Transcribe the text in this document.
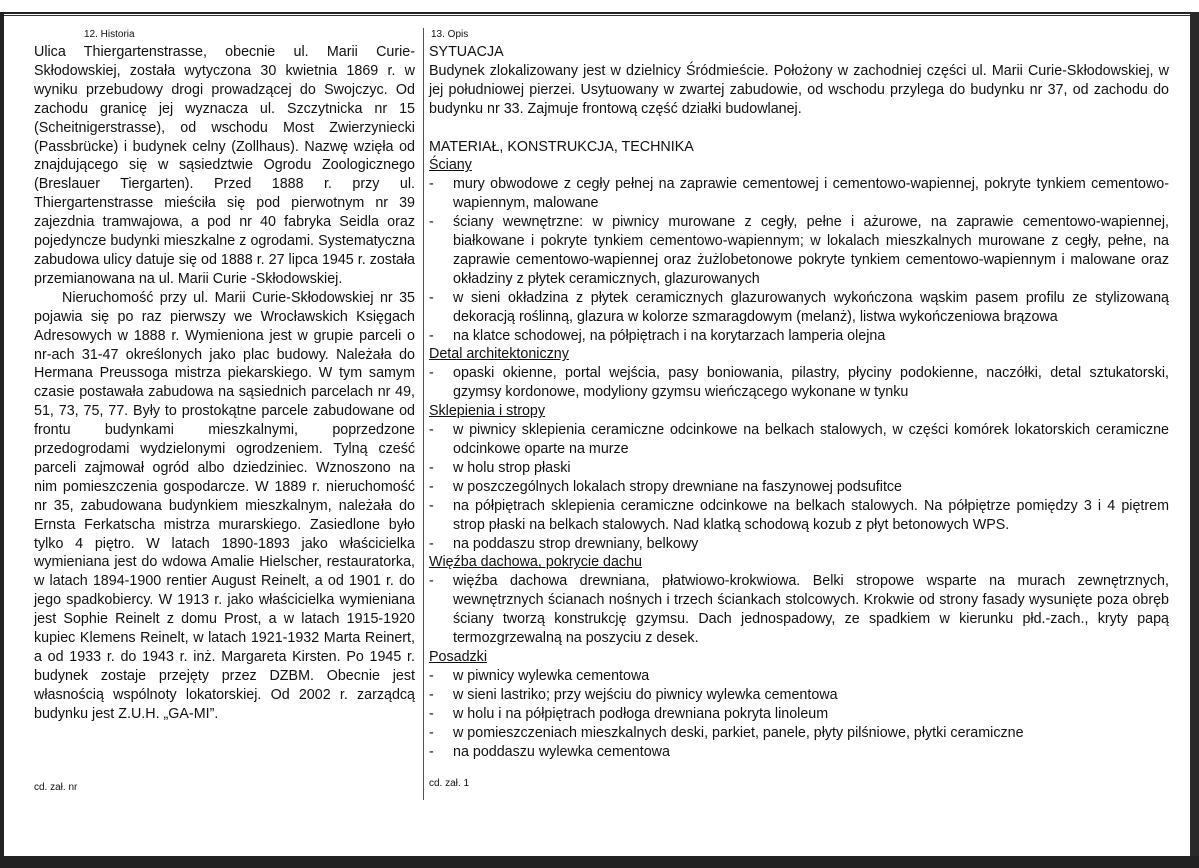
12. Historia

Ulica Thiergartenstrasse, obecnie ul. Marii Curie-Skłodowskiej, została wytyczona 30 kwietnia 1869 r. w wyniku przebudowy drogi prowadzącej do Swojczyc. Od zachodu granicę jej wyznacza ul. Szczytnicka nr 15 (Scheitnigerstrasse), od wschodu Most Zwierzyniecki (Passbrücke) i budynek celny (Zollhaus). Nazwę wzięła od znajdującego się w sąsiedztwie Ogrodu Zoologicznego (Breslauer Tiergarten). Przed 1888 r. przy ul. Thiergartenstrasse mieściła się pod pierwotnym nr 39 zajezdnia tramwajowa, a pod nr 40 fabryka Seidla oraz pojedyncze budynki mieszkalne z ogrodami. Systematyczna zabudowa ulicy datuje się od 1888 r. 27 lipca 1945 r. została przemianowana na ul. Marii Curie -Skłodowskiej.

Nieruchomość przy ul. Marii Curie-Skłodowskiej nr 35 pojawia się po raz pierwszy we Wrocławskich Księgach Adresowych w 1888 r. Wymieniona jest w grupie parceli o nr-ach 31-47 określonych jako plac budowy. Należała do Hermana Preussoga mistrza piekarskiego. W tym samym czasie postawała zabudowa na sąsiednich parcelach nr 49, 51, 73, 75, 77. Były to prostokątne parcele zabudowane od frontu budynkami mieszkalnymi, poprzedzone przedogrodami wydzielonymi ogrodzeniem. Tylną cześć parceli zajmował ogród albo dziedziniec. Wznoszono na nim pomieszczenia gospodarcze. W 1889 r. nieruchomość nr 35, zabudowana budynkiem mieszkalnym, należała do Ernsta Ferkatscha mistrza murarskiego. Zasiedlone było tylko 4 piętro. W latach 1890-1893 jako właścicielka wymieniana jest do wdowa Amalie Hielscher, restauratorka, w latach 1894-1900 rentier August Reinelt, a od 1901 r. do jego spadkobiercy. W 1913 r. jako właścicielka wymieniana jest Sophie Reinelt z domu Prost, a w latach 1915-1920 kupiec Klemens Reinelt, w latach 1921-1932 Marta Reinert, a od 1933 r. do 1943 r. inż. Margareta Kirsten. Po 1945 r. budynek zostaje przejęty przez DZBM. Obecnie jest własnością wspólnoty lokatorskiej. Od 2002 r. zarządcą budynku jest Z.U.H. „GA-MI”.

cd. zał. nr
13. Opis

SYTUACJA

Budynek zlokalizowany jest w dzielnicy Śródmieście. Położony w zachodniej części ul. Marii Curie-Skłodowskiej, w jej południowej pierzei. Usytuowany w zwartej zabudowie, od wschodu przylega do budynku nr 37, od zachodu do budynku nr 33. Zajmuje frontową część działki budowlanej.

MATERIAŁ, KONSTRUKCJA, TECHNIKA

Ściany

-	mury obwodowe z cegły pełnej na zaprawie cementowej i cementowo-wapiennej, pokryte tynkiem cementowo-wapiennym, malowane
-	ściany wewnętrzne: w piwnicy murowane z cegły, pełne i ażurowe, na zaprawie cementowo-wapiennej, białkowane i pokryte tynkiem cementowo-wapiennym; w lokalach mieszkalnych murowane z cegły, pełne, na zaprawie cementowo-wapiennej oraz żużlobetonowe pokryte tynkiem cementowo-wapiennym i malowane oraz okładziny z płytek ceramicznych, glazurowanych
-	w sieni okładzina z płytek ceramicznych glazurowanych wykończona wąskim pasem profilu ze stylizowaną dekoracją roślinną, glazura w kolorze szmaragdowym (melanż), listwa wykończeniowa brązowa
-	na klatce schodowej, na półpiętrach i na korytarzach lamperia olejna

Detal architektoniczny

-	opaski okienne, portal wejścia, pasy boniowania, pilastry, płyciny podokienne, naczółki, detal sztukatorski, gzymsy kordonowe, modyliony gzymsu wieńczącego wykonane w tynku

Sklepienia i stropy

-	w piwnicy sklepienia ceramiczne odcinkowe na belkach stalowych, w części komórek lokatorskich ceramiczne odcinkowe oparte na murze
-	w holu strop płaski
-	w poszczególnych lokalach stropy drewniane na faszynowej podsufitce
-	na półpiętrach sklepienia ceramiczne odcinkowe na belkach stalowych. Na półpiętrze pomiędzy 3 i 4 piętrem strop płaski na belkach stalowych. Nad klatką schodową kozub z płyt betonowych WPS.
-	na poddaszu strop drewniany, belkowy

Więźba dachowa, pokrycie dachu

-	więźba dachowa drewniana, płatwiowo-krokwiowa. Belki stropowe wsparte na murach zewnętrznych, wewnętrznych ścianach nośnych i trzech ściankach stolcowych. Krokwie od strony fasady wysunięte poza obręb ściany tworzą konstrukcję gzymsu. Dach jednospadowy, ze spadkiem w kierunku płd.-zach., kryty papą termozgrzewalną na poszyciu z desek.

Posadzki

-	w piwnicy wylewka cementowa
-	w sieni lastriko; przy wejściu do piwnicy wylewka cementowa
-	w holu i na półpiętrach podłoga drewniana pokryta linoleum
-	w pomieszczeniach mieszkalnych deski, parkiet, panele, płyty pilśniowe, płytki ceramiczne
-	na poddaszu wylewka cementowa
cd. zał. 1
